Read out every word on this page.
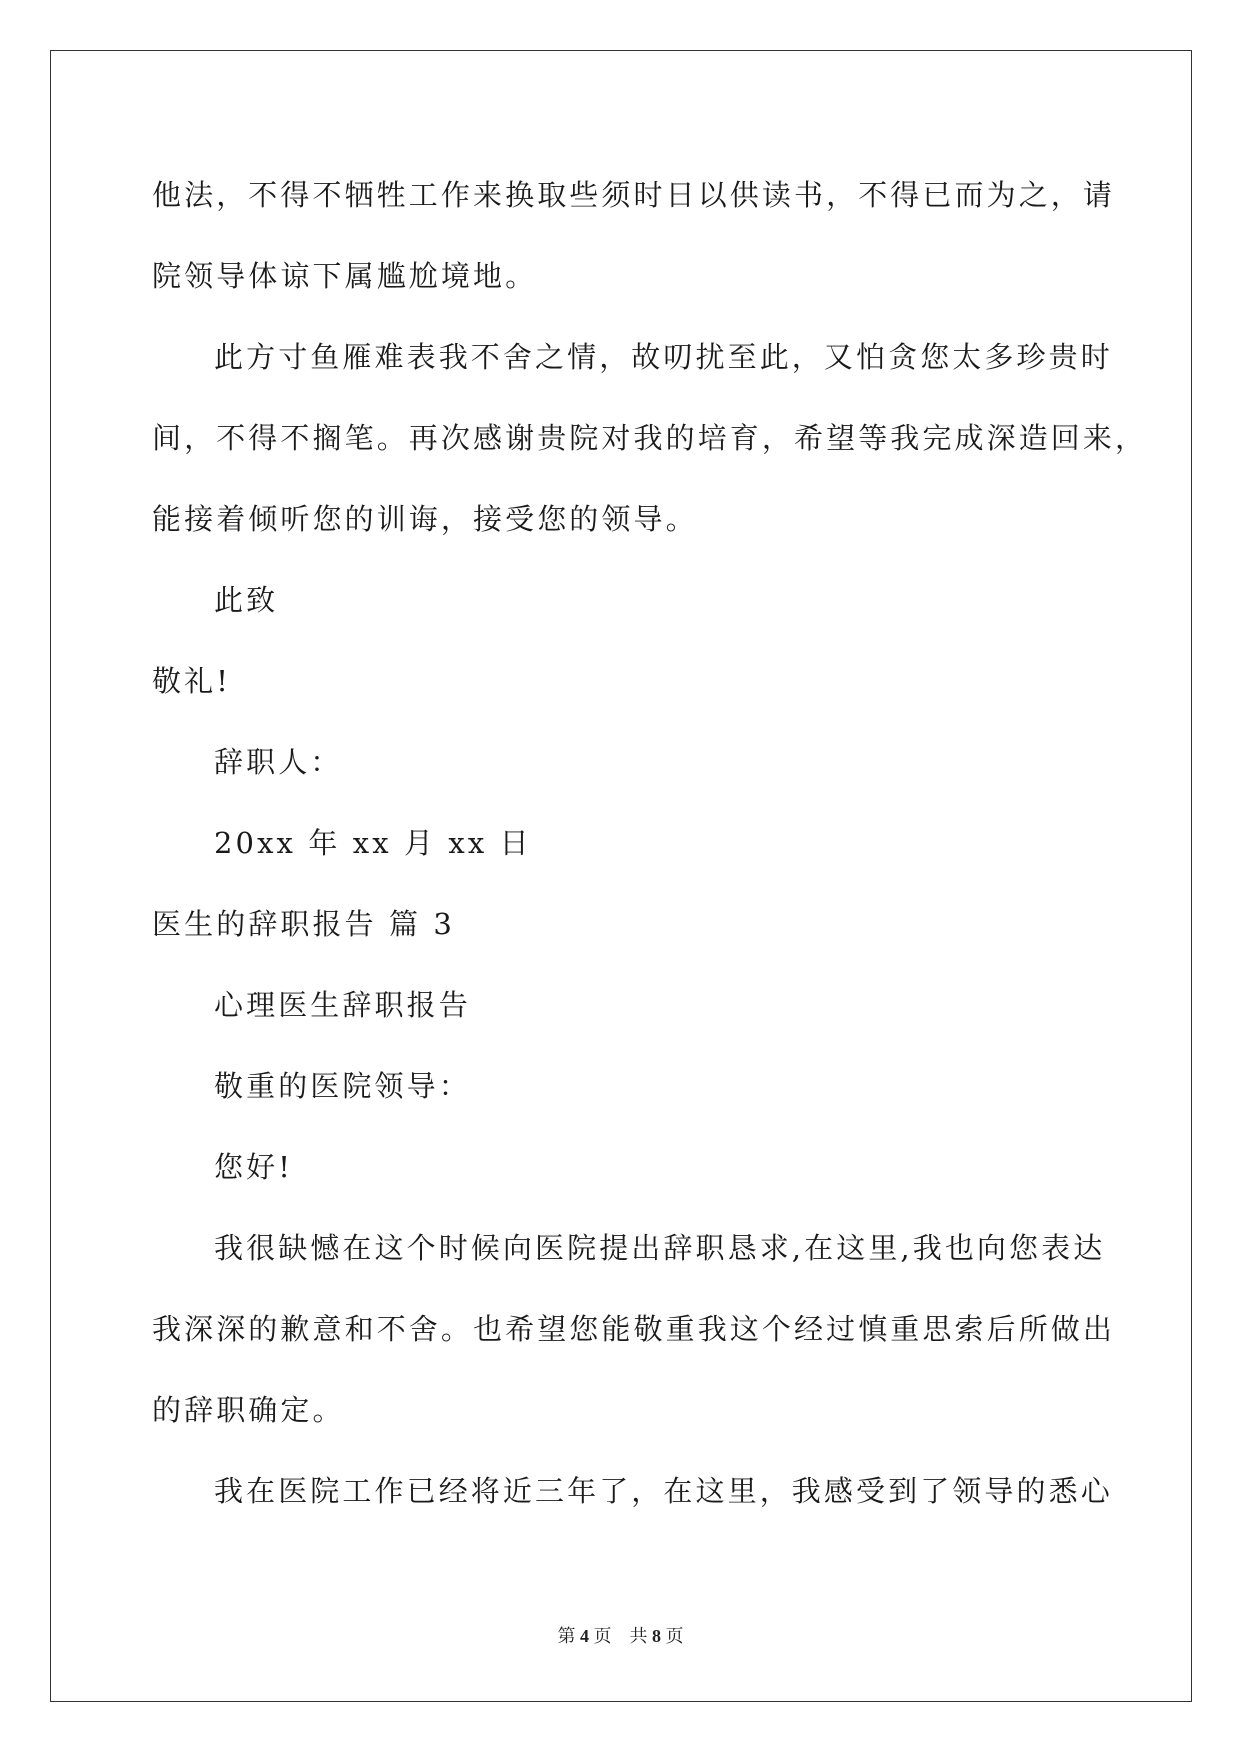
他法，不得不牺牲工作来换取些须时日以供读书，不得已而为之，请
院领导体谅下属尴尬境地。
此方寸鱼雁难表我不舍之情，故叨扰至此，又怕贪您太多珍贵时
间，不得不搁笔。再次感谢贵院对我的培育，希望等我完成深造回来，
能接着倾听您的训诲，接受您的领导。
此致
敬礼!
辞职人：
20xx 年 xx 月 xx 日
医生的辞职报告 篇 3
心理医生辞职报告
敬重的医院领导：
您好!
我很缺憾在这个时候向医院提出辞职恳求,在这里,我也向您表达
我深深的歉意和不舍。也希望您能敬重我这个经过慎重思索后所做出
的辞职确定。
我在医院工作已经将近三年了，在这里，我感受到了领导的悉心
第 4 页　共 8 页
